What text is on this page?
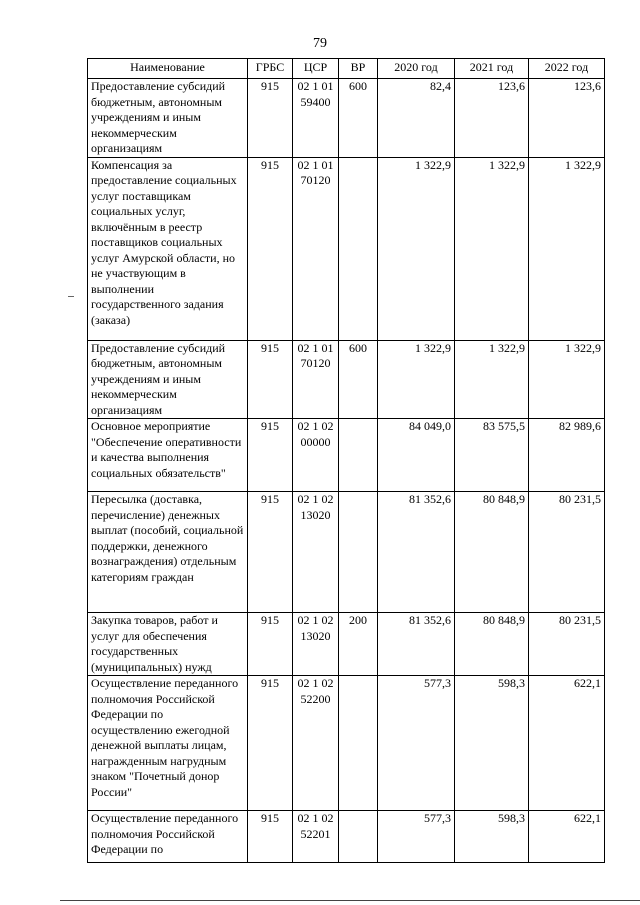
79
Наименование	ГРБС	ЦСР	ВР	2020 год	2021 год	2022 год
Предоставление субсидий бюджетным, автономным учреждениям и иным некоммерческим организациям	915	02 1 01 59400	600	82,4	123,6	123,6
Компенсация за предоставление социальных услуг поставщикам социальных услуг, включённым в реестр поставщиков социальных услуг Амурской области, но не участвующим в выполнении государственного задания (заказа)	915	02 1 01 70120		1 322,9	1 322,9	1 322,9
Предоставление субсидий бюджетным, автономным учреждениям и иным некоммерческим организациям	915	02 1 01 70120	600	1 322,9	1 322,9	1 322,9
Основное мероприятие "Обеспечение оперативности и качества выполнения социальных обязательств"	915	02 1 02 00000		84 049,0	83 575,5	82 989,6
Пересылка (доставка, перечисление) денежных выплат (пособий, социальной поддержки, денежного вознаграждения) отдельным категориям граждан	915	02 1 02 13020		81 352,6	80 848,9	80 231,5
Закупка товаров, работ и услуг для обеспечения государственных (муниципальных) нужд	915	02 1 02 13020	200	81 352,6	80 848,9	80 231,5
Осуществление переданного полномочия Российской Федерации по осуществлению ежегодной денежной выплаты лицам, награжденным нагрудным знаком "Почетный донор России"	915	02 1 02 52200		577,3	598,3	622,1
Осуществление переданного полномочия Российской Федерации по	915	02 1 02 52201		577,3	598,3	622,1
